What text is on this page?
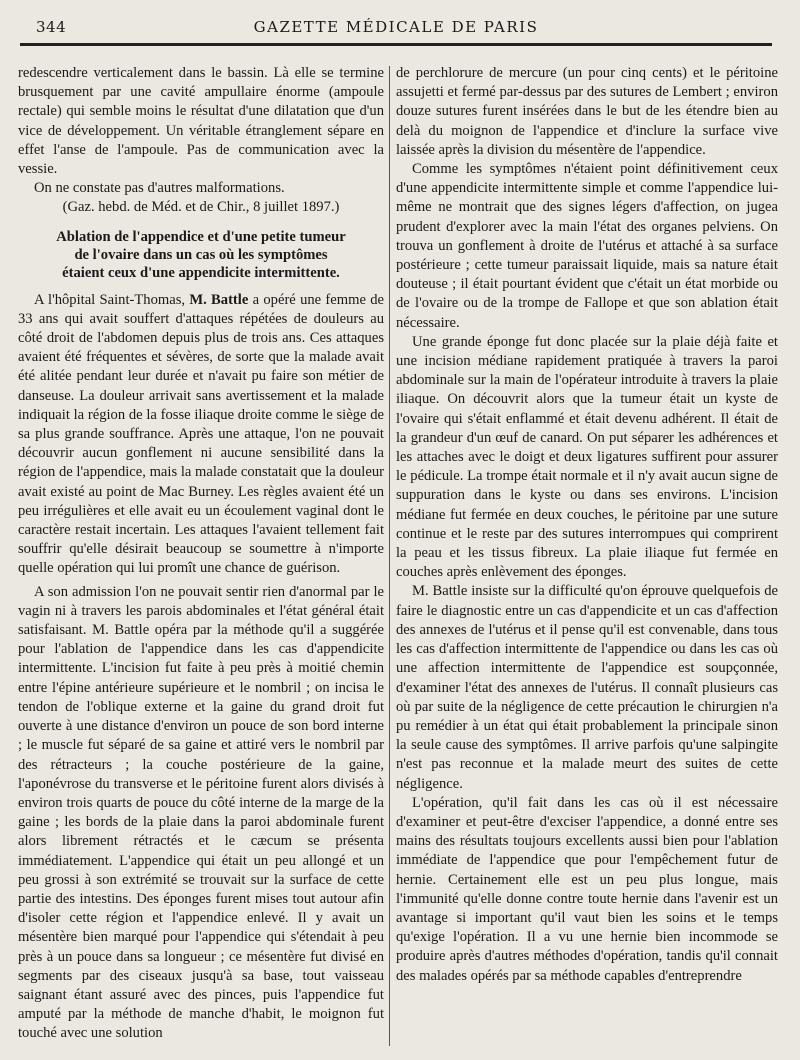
344	GAZETTE MÉDICALE DE PARIS

redescendre verticalement dans le bassin. Là elle se termine brusquement par une cavité ampullaire énorme (ampoule rectale) qui semble moins le résultat d'une dilatation que d'un vice de développement. Un véritable étranglement sépare en effet l'anse de l'ampoule. Pas de communication avec la vessie.

On ne constate pas d'autres malformations.

(Gaz. hebd. de Méd. et de Chir., 8 juillet 1897.)

Ablation de l'appendice et d'une petite tumeur
de l'ovaire dans un cas où les symptômes
étaient ceux d'une appendicite intermittente.

A l'hôpital Saint-Thomas, M. Battle a opéré une femme de 33 ans qui avait souffert d'attaques répétées de douleurs au côté droit de l'abdomen depuis plus de trois ans. Ces attaques avaient été fréquentes et sévères, de sorte que la malade avait été alitée pendant leur durée et n'avait pu faire son métier de danseuse. La douleur arrivait sans avertissement et la malade indiquait la région de la fosse iliaque droite comme le siège de sa plus grande souffrance. Après une attaque, l'on ne pouvait découvrir aucun gonflement ni aucune sensibilité dans la région de l'appendice, mais la malade constatait que la douleur avait existé au point de Mac Burney. Les règles avaient été un peu irrégulières et elle avait eu un écoulement vaginal dont le caractère restait incertain. Les attaques l'avaient tellement fait souffrir qu'elle désirait beaucoup se soumettre à n'importe quelle opération qui lui promît une chance de guérison.

A son admission l'on ne pouvait sentir rien d'anormal par le vagin ni à travers les parois abdominales et l'état général était satisfaisant. M. Battle opéra par la méthode qu'il a suggérée pour l'ablation de l'appendice dans les cas d'appendicite intermittente. L'incision fut faite à peu près à moitié chemin entre l'épine antérieure supérieure et le nombril ; on incisa le tendon de l'oblique externe et la gaine du grand droit fut ouverte à une distance d'environ un pouce de son bord interne ; le muscle fut séparé de sa gaine et attiré vers le nombril par des rétracteurs ; la couche postérieure de la gaine, l'aponévrose du transverse et le péritoine furent alors divisés à environ trois quarts de pouce du côté interne de la marge de la gaine ; les bords de la plaie dans la paroi abdominale furent alors librement rétractés et le cæcum se présenta immédiatement. L'appendice qui était un peu allongé et un peu grossi à son extrémité se trouvait sur la surface de cette partie des intestins. Des éponges furent mises tout autour afin d'isoler cette région et l'appendice enlevé. Il y avait un mésentère bien marqué pour l'appendice qui s'étendait à peu près à un pouce dans sa longueur ; ce mésentère fut divisé en segments par des ciseaux jusqu'à sa base, tout vaisseau saignant étant assuré avec des pinces, puis l'appendice fut amputé par la méthode de manche d'habit, le moignon fut touché avec une solution

de perchlorure de mercure (un pour cinq cents) et le péritoine assujetti et fermé par-dessus par des sutures de Lembert ; environ douze sutures furent insérées dans le but de les étendre bien au delà du moignon de l'appendice et d'inclure la surface vive laissée après la division du mésentère de l'appendice.

Comme les symptômes n'étaient point définitivement ceux d'une appendicite intermittente simple et comme l'appendice lui-même ne montrait que des signes légers d'affection, on jugea prudent d'explorer avec la main l'état des organes pelviens. On trouva un gonflement à droite de l'utérus et attaché à sa surface postérieure ; cette tumeur paraissait liquide, mais sa nature était douteuse ; il était pourtant évident que c'était un état morbide ou de l'ovaire ou de la trompe de Fallope et que son ablation était nécessaire.

Une grande éponge fut donc placée sur la plaie déjà faite et une incision médiane rapidement pratiquée à travers la paroi abdominale sur la main de l'opérateur introduite à travers la plaie iliaque. On découvrit alors que la tumeur était un kyste de l'ovaire qui s'était enflammé et était devenu adhérent. Il était de la grandeur d'un œuf de canard. On put séparer les adhérences et les attaches avec le doigt et deux ligatures suffirent pour assurer le pédicule. La trompe était normale et il n'y avait aucun signe de suppuration dans le kyste ou dans ses environs. L'incision médiane fut fermée en deux couches, le péritoine par une suture continue et le reste par des sutures interrompues qui comprirent la peau et les tissus fibreux. La plaie iliaque fut fermée en couches après enlèvement des éponges.

M. Battle insiste sur la difficulté qu'on éprouve quelquefois de faire le diagnostic entre un cas d'appendicite et un cas d'affection des annexes de l'utérus et il pense qu'il est convenable, dans tous les cas d'affection intermittente de l'appendice ou dans les cas où une affection intermittente de l'appendice est soupçonnée, d'examiner l'état des annexes de l'utérus. Il connaît plusieurs cas où par suite de la négligence de cette précaution le chirurgien n'a pu remédier à un état qui était probablement la principale sinon la seule cause des symptômes. Il arrive parfois qu'une salpingite n'est pas reconnue et la malade meurt des suites de cette négligence.

L'opération, qu'il fait dans les cas où il est nécessaire d'examiner et peut-être d'exciser l'appendice, a donné entre ses mains des résultats toujours excellents aussi bien pour l'ablation immédiate de l'appendice que pour l'empêchement futur de hernie. Certainement elle est un peu plus longue, mais l'immunité qu'elle donne contre toute hernie dans l'avenir est un avantage si important qu'il vaut bien les soins et le temps qu'exige l'opération. Il a vu une hernie bien incommode se produire après d'autres méthodes d'opération, tandis qu'il connait des malades opérés par sa méthode capables d'entreprendre
